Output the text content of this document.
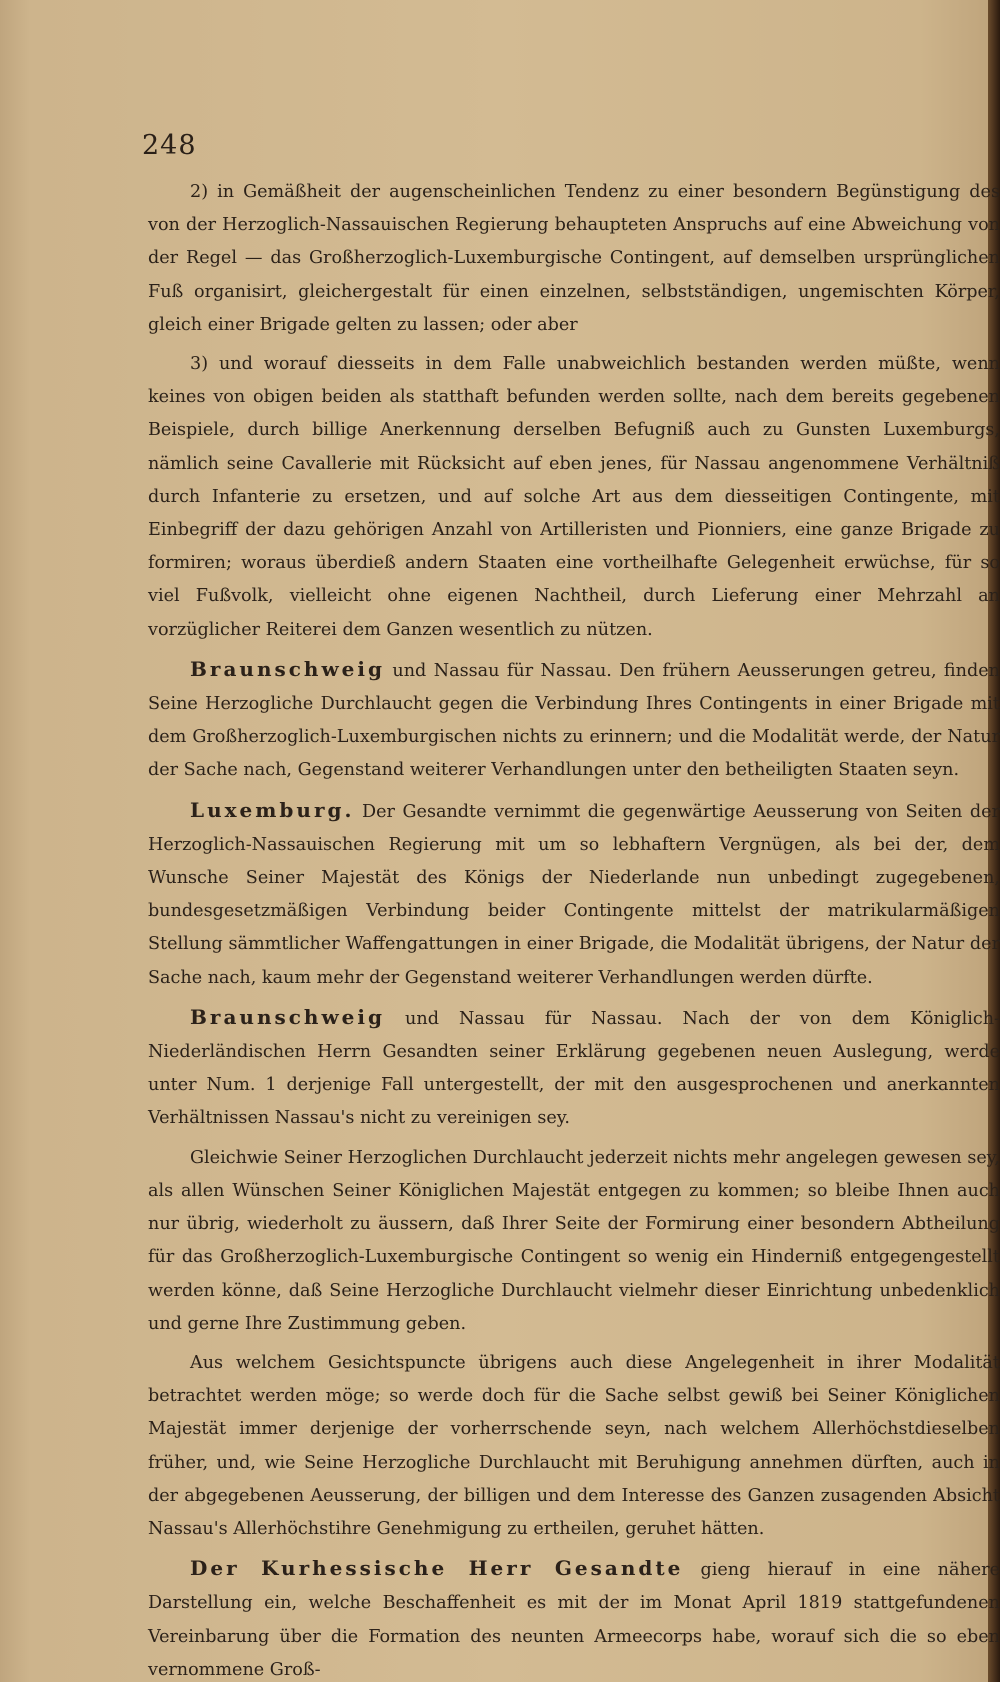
248

2) in Gemäßheit der augenscheinlichen Tendenz zu einer besondern Begünstigung des von der Herzoglich-Nassauischen Regierung behaupteten Anspruchs auf eine Abweichung von der Regel — das Großherzoglich-Luxemburgische Contingent, auf demselben ursprünglichen Fuß organisirt, gleichergestalt für einen einzelnen, selbstständigen, ungemischten Körper, gleich einer Brigade gelten zu lassen; oder aber

3) und worauf diesseits in dem Falle unabweichlich bestanden werden müßte, wenn keines von obigen beiden als statthaft befunden werden sollte, nach dem bereits gegebenen Beispiele, durch billige Anerkennung derselben Befugniß auch zu Gunsten Luxemburgs, nämlich seine Cavallerie mit Rücksicht auf eben jenes, für Nassau angenommene Verhältniß durch Infanterie zu ersetzen, und auf solche Art aus dem diesseitigen Contingente, mit Einbegriff der dazu gehörigen Anzahl von Artilleristen und Pionniers, eine ganze Brigade zu formiren; woraus überdieß andern Staaten eine vortheilhafte Gelegenheit erwüchse, für so viel Fußvolk, vielleicht ohne eigenen Nachtheil, durch Lieferung einer Mehrzahl an vorzüglicher Reiterei dem Ganzen wesentlich zu nützen.

Braunschweig und Nassau für Nassau. Den frühern Aeusserungen getreu, finden Seine Herzogliche Durchlaucht gegen die Verbindung Ihres Contingents in einer Brigade mit dem Großherzoglich-Luxemburgischen nichts zu erinnern; und die Modalität werde, der Natur der Sache nach, Gegenstand weiterer Verhandlungen unter den betheiligten Staaten seyn.

Luxemburg. Der Gesandte vernimmt die gegenwärtige Aeusserung von Seiten der Herzoglich-Nassauischen Regierung mit um so lebhaftern Vergnügen, als bei der, dem Wunsche Seiner Majestät des Königs der Niederlande nun unbedingt zugegebenen, bundesgesetzmäßigen Verbindung beider Contingente mittelst der matrikularmäßigen Stellung sämmtlicher Waffengattungen in einer Brigade, die Modalität übrigens, der Natur der Sache nach, kaum mehr der Gegenstand weiterer Verhandlungen werden dürfte.

Braunschweig und Nassau für Nassau. Nach der von dem Königlich-Niederländischen Herrn Gesandten seiner Erklärung gegebenen neuen Auslegung, werde unter Num. 1 derjenige Fall untergestellt, der mit den ausgesprochenen und anerkannten Verhältnissen Nassau's nicht zu vereinigen sey.

Gleichwie Seiner Herzoglichen Durchlaucht jederzeit nichts mehr angelegen gewesen sey, als allen Wünschen Seiner Königlichen Majestät entgegen zu kommen; so bleibe Ihnen auch nur übrig, wiederholt zu äussern, daß Ihrer Seite der Formirung einer besondern Abtheilung für das Großherzoglich-Luxemburgische Contingent so wenig ein Hinderniß entgegengestellt werden könne, daß Seine Herzogliche Durchlaucht vielmehr dieser Einrichtung unbedenklich und gerne Ihre Zustimmung geben.

Aus welchem Gesichtspuncte übrigens auch diese Angelegenheit in ihrer Modalität betrachtet werden möge; so werde doch für die Sache selbst gewiß bei Seiner Königlichen Majestät immer derjenige der vorherrschende seyn, nach welchem Allerhöchstdieselben früher, und, wie Seine Herzogliche Durchlaucht mit Beruhigung annehmen dürften, auch in der abgegebenen Aeusserung, der billigen und dem Interesse des Ganzen zusagenden Absicht Nassau's Allerhöchstihre Genehmigung zu ertheilen, geruhet hätten.

Der Kurhessische Herr Gesandte gieng hierauf in eine nähere Darstellung ein, welche Beschaffenheit es mit der im Monat April 1819 stattgefundenen Vereinbarung über die Formation des neunten Armeecorps habe, worauf sich die so eben vernommene Groß-
